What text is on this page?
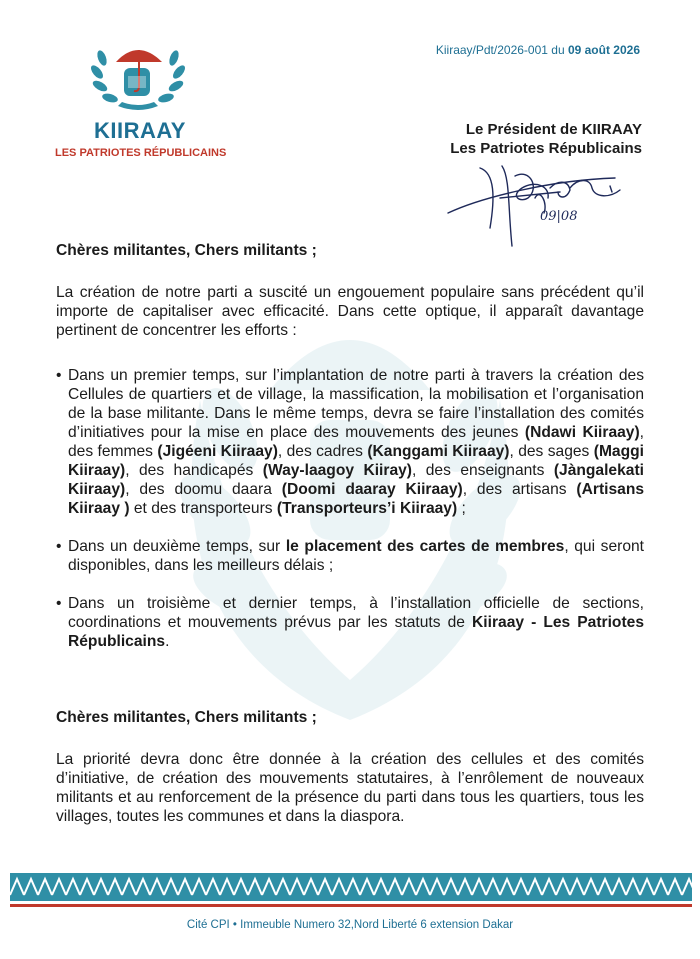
KIIRAAY
LES PATRIOTES RÉPUBLICAINS
Kiiraay/Pdt/2026-001 du 09 août 2026
Le Président de KIIRAAY
Les Patriotes Républicains
09|08

Chères militantes, Chers militants ;

La création de notre parti a suscité un engouement populaire sans précédent qu’il importe de capitaliser avec efficacité. Dans cette optique, il apparaît davantage pertinent de concentrer les efforts :

• Dans un premier temps, sur l’implantation de notre parti à travers la création des Cellules de quartiers et de village, la massification, la mobilisation et l’organisation de la base militante. Dans le même temps, devra se faire l’installation des comités d’initiatives pour la mise en place des mouvements des jeunes (Ndawi Kiiraay), des femmes (Jigéeni Kiiraay), des cadres (Kanggami Kiiraay), des sages (Maggi Kiiraay), des handicapés (Way-laagoy Kiiray), des enseignants (Jàngalekati Kiiraay), des doomu daara (Doomi daaray Kiiraay), des artisans (Artisans Kiiraay ) et des transporteurs (Transporteurs’i Kiiraay) ;
• Dans un deuxième temps, sur le placement des cartes de membres, qui seront disponibles, dans les meilleurs délais ;
• Dans un troisième et dernier temps, à l’installation officielle de sections, coordinations et mouvements prévus par les statuts de Kiiraay - Les Patriotes Républicains.

Chères militantes, Chers militants ;

La priorité devra donc être donnée à la création des cellules et des comités d’initiative, de création des mouvements statutaires, à l’enrôlement de nouveaux militants et au renforcement de la présence du parti dans tous les quartiers, tous les villages, toutes les communes et dans la diaspora.

Cité CPI • Immeuble Numero 32,Nord Liberté 6 extension Dakar
